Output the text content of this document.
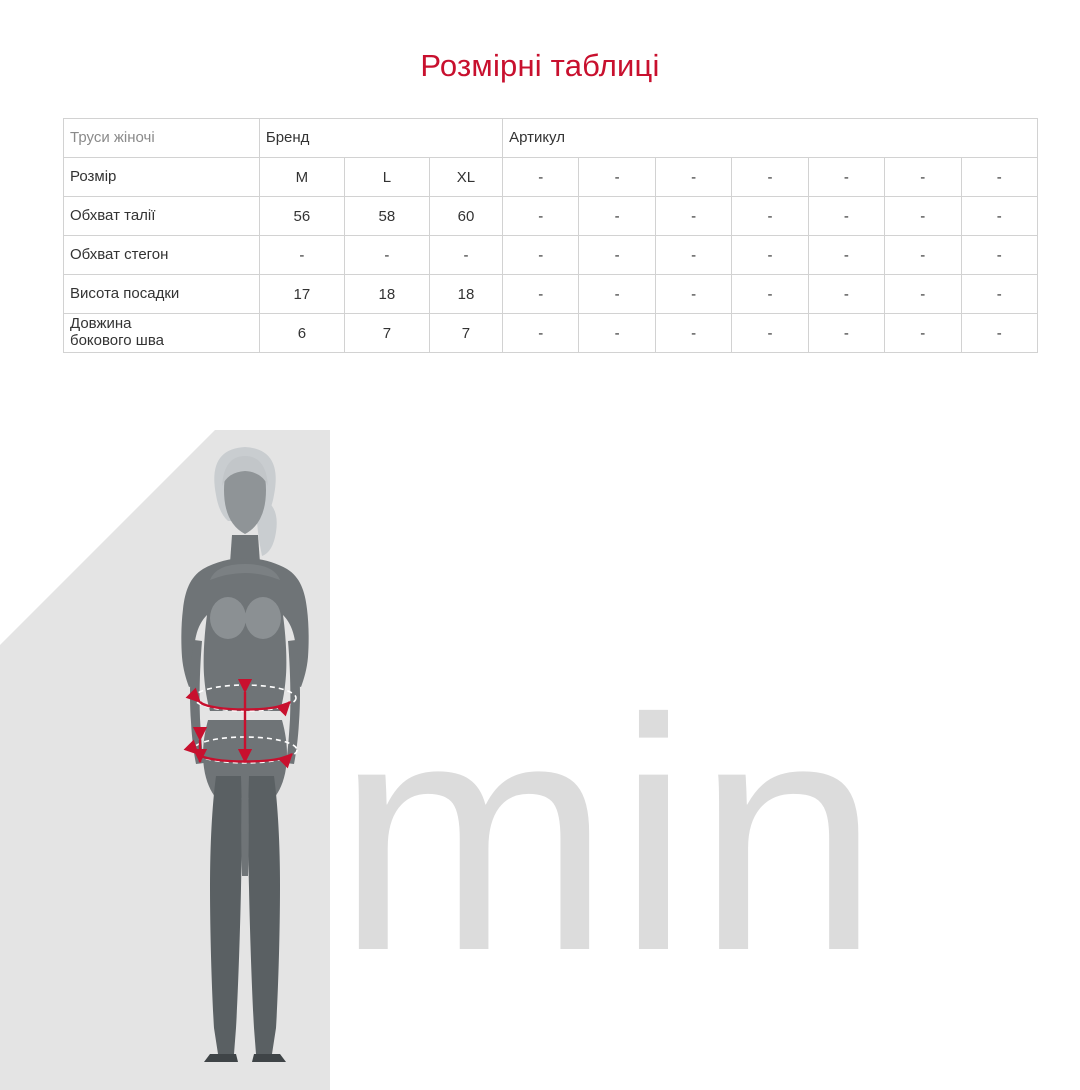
Розмірні таблиці
min
Труси жіночі	Бренд			Артикул						
Розмір	M	L	XL	-	-	-	-	-	-	-
Обхват талії	56	58	60	-	-	-	-	-	-	-
Обхват стегон	-	-	-	-	-	-	-	-	-	-
Висота посадки	17	18	18	-	-	-	-	-	-	-
Довжина
бокового шва	6	7	7	-	-	-	-	-	-	-
